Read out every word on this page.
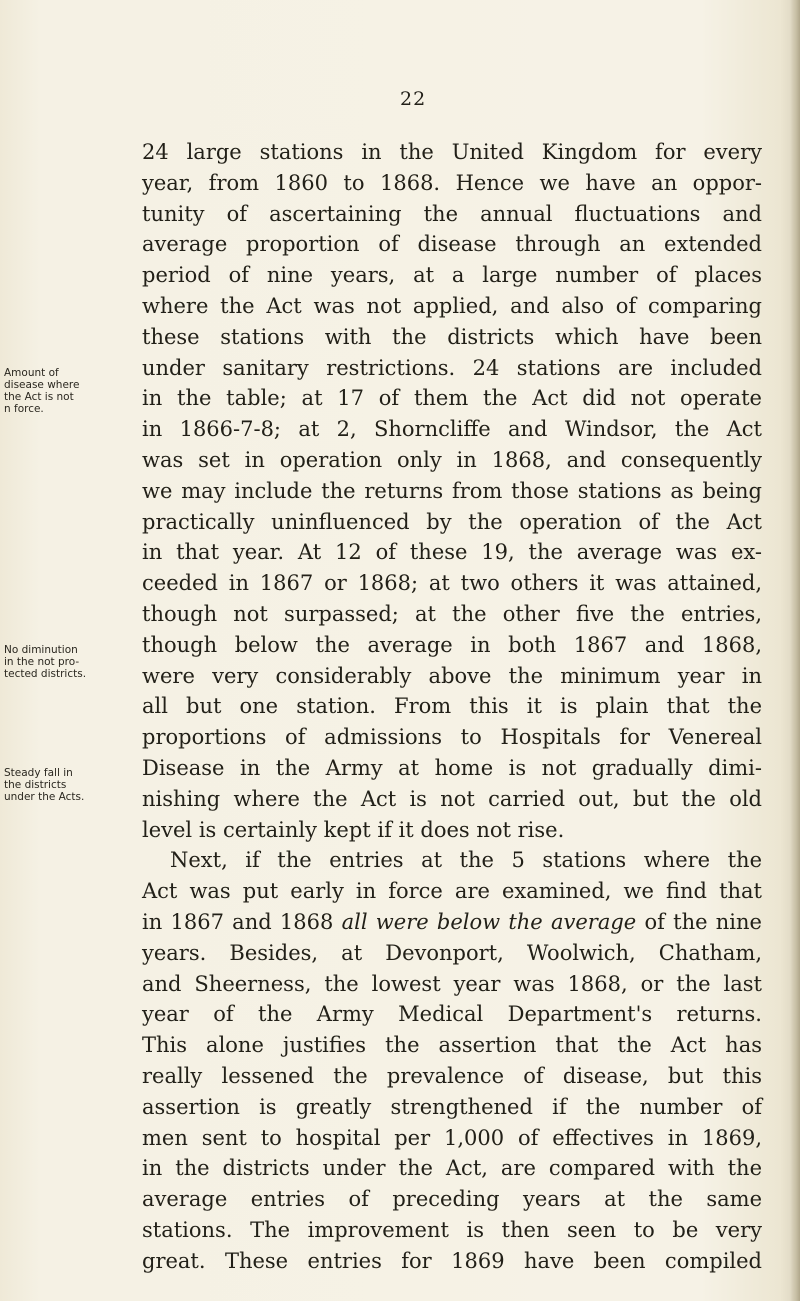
22
Amount of
disease where
the Act is not
n force.
No diminution
in the not pro-
tected districts.
Steady fall in
the districts
under the Acts.
24 large stations in the United Kingdom for every
year, from 1860 to 1868. Hence we have an oppor-
tunity of ascertaining the annual fluctuations and
average proportion of disease through an extended
period of nine years, at a large number of places
where the Act was not applied, and also of comparing
these stations with the districts which have been
under sanitary restrictions. 24 stations are included
in the table; at 17 of them the Act did not operate
in 1866-7-8; at 2, Shorncliffe and Windsor, the Act
was set in operation only in 1868, and consequently
we may include the returns from those stations as being
practically uninfluenced by the operation of the Act
in that year. At 12 of these 19, the average was ex-
ceeded in 1867 or 1868; at two others it was attained,
though not surpassed; at the other five the entries,
though below the average in both 1867 and 1868,
were very considerably above the minimum year in
all but one station. From this it is plain that the
proportions of admissions to Hospitals for Venereal
Disease in the Army at home is not gradually dimi-
nishing where the Act is not carried out, but the old
level is certainly kept if it does not rise.
Next, if the entries at the 5 stations where the
Act was put early in force are examined, we find that
in 1867 and 1868 all were below the average of the nine
years. Besides, at Devonport, Woolwich, Chatham,
and Sheerness, the lowest year was 1868, or the last
year of the Army Medical Department's returns.
This alone justifies the assertion that the Act has
really lessened the prevalence of disease, but this
assertion is greatly strengthened if the number of
men sent to hospital per 1,000 of effectives in 1869,
in the districts under the Act, are compared with the
average entries of preceding years at the same
stations. The improvement is then seen to be very
great. These entries for 1869 have been compiled
